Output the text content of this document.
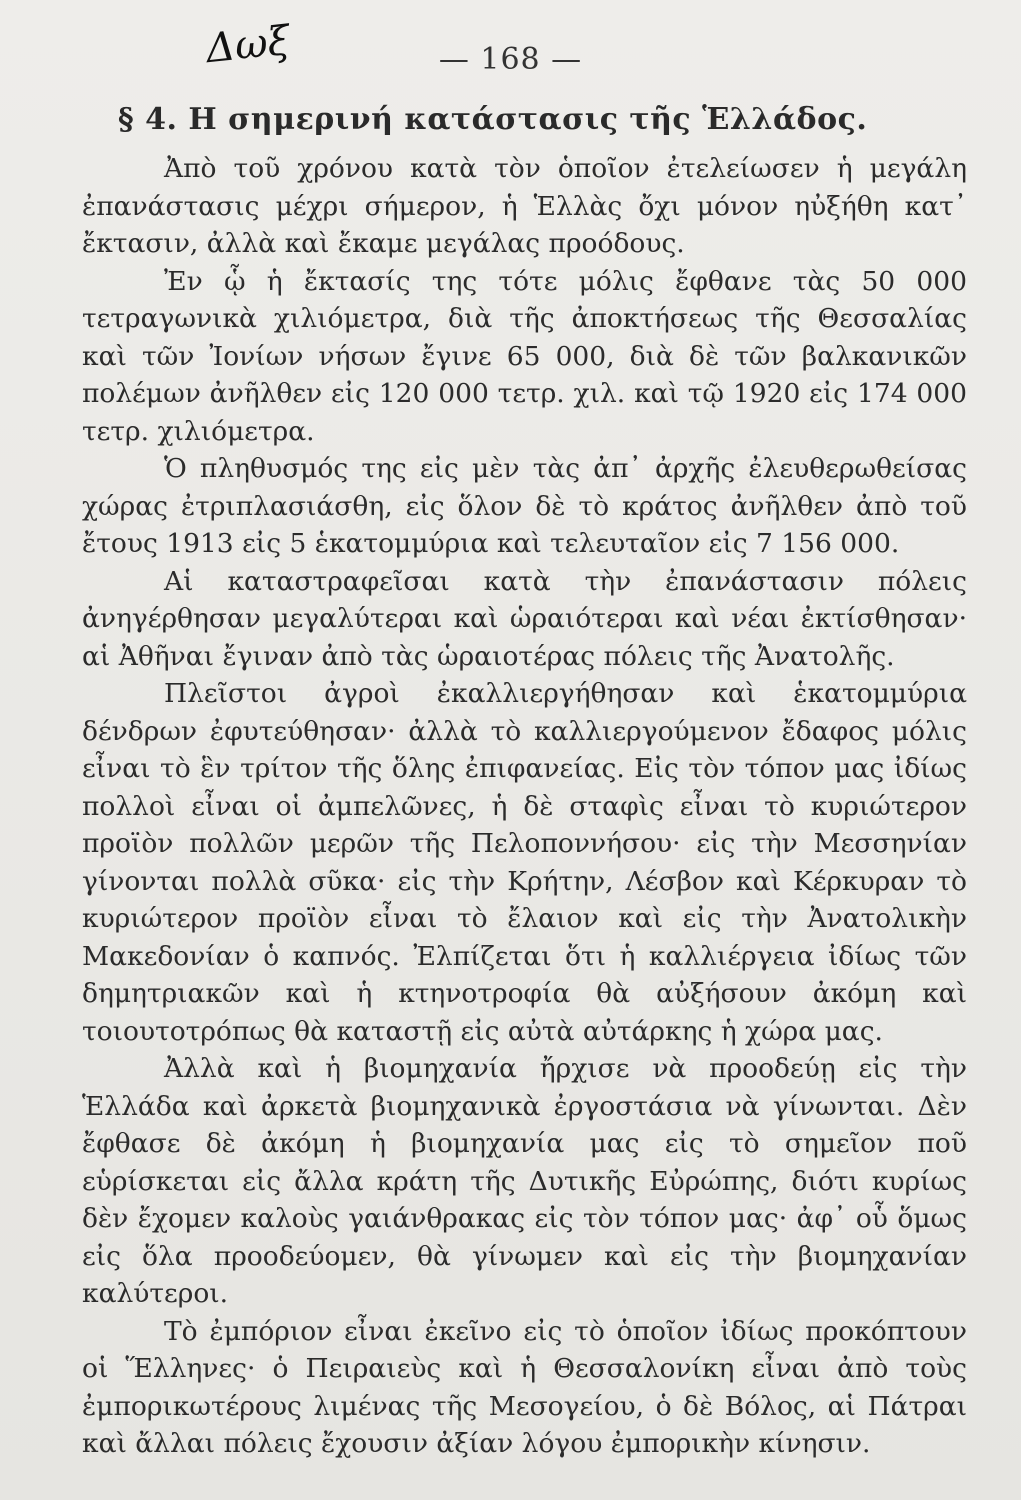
Δωξ	— 168 —
§ 4. Η σημερινή κατάστασις τῆς Ἑλλάδος.

Ἀπὸ τοῦ χρόνου κατὰ τὸν ὁποῖον ἐτελείωσεν ἡ μεγάλη ἐπανάστασις μέχρι σήμερον, ἡ Ἑλλὰς ὄχι μόνον ηὐξήθη κατ᾽ ἔκτασιν, ἀλλὰ καὶ ἔκαμε μεγάλας προόδους.

Ἐν ᾧ ἡ ἔκτασίς της τότε μόλις ἔφθανε τὰς 50 000 τετραγωνικὰ χιλιόμετρα, διὰ τῆς ἀποκτήσεως τῆς Θεσσαλίας καὶ τῶν Ἰονίων νήσων ἔγινε 65 000, διὰ δὲ τῶν βαλκανικῶν πολέμων ἀνῆλθεν εἰς 120 000 τετρ. χιλ. καὶ τῷ 1920 εἰς 174 000 τετρ. χιλιόμετρα.

Ὁ πληθυσμός της εἰς μὲν τὰς ἀπ᾽ ἀρχῆς ἐλευθερωθείσας χώρας ἐτριπλασιάσθη, εἰς ὅλον δὲ τὸ κράτος ἀνῆλθεν ἀπὸ τοῦ ἔτους 1913 εἰς 5 ἑκατομμύρια καὶ τελευταῖον εἰς 7 156 000.

Αἱ καταστραφεῖσαι κατὰ τὴν ἐπανάστασιν πόλεις ἀνηγέρθησαν μεγαλύτεραι καὶ ὡραιότεραι καὶ νέαι ἐκτίσθησαν· αἱ Ἀθῆναι ἔγιναν ἀπὸ τὰς ὡραιοτέρας πόλεις τῆς Ἀνατολῆς.

Πλεῖστοι ἀγροὶ ἐκαλλιεργήθησαν καὶ ἑκατομμύρια δένδρων ἐφυτεύθησαν· ἀλλὰ τὸ καλλιεργούμενον ἔδαφος μόλις εἶναι τὸ ἓν τρίτον τῆς ὅλης ἐπιφανείας. Εἰς τὸν τόπον μας ἰδίως πολλοὶ εἶναι οἱ ἀμπελῶνες, ἡ δὲ σταφὶς εἶναι τὸ κυριώτερον προϊὸν πολλῶν μερῶν τῆς Πελοποννήσου· εἰς τὴν Μεσσηνίαν γίνονται πολλὰ σῦκα· εἰς τὴν Κρήτην, Λέσβον καὶ Κέρκυραν τὸ κυριώτερον προϊὸν εἶναι τὸ ἔλαιον καὶ εἰς τὴν Ἀνατολικὴν Μακεδονίαν ὁ καπνός. Ἐλπίζεται ὅτι ἡ καλλιέργεια ἰδίως τῶν δημητριακῶν καὶ ἡ κτηνοτροφία θὰ αὐξήσουν ἀκόμη καὶ τοιουτοτρόπως θὰ καταστῇ εἰς αὐτὰ αὐτάρκης ἡ χώρα μας.

Ἀλλὰ καὶ ἡ βιομηχανία ἤρχισε νὰ προοδεύῃ εἰς τὴν Ἑλλάδα καὶ ἀρκετὰ βιομηχανικὰ ἐργοστάσια νὰ γίνωνται. Δὲν ἔφθασε δὲ ἀκόμη ἡ βιομηχανία μας εἰς τὸ σημεῖον ποῦ εὑρίσκεται εἰς ἄλλα κράτη τῆς Δυτικῆς Εὐρώπης, διότι κυρίως δὲν ἔχομεν καλοὺς γαιάνθρακας εἰς τὸν τόπον μας· ἀφ᾽ οὗ ὅμως εἰς ὅλα προοδεύομεν, θὰ γίνωμεν καὶ εἰς τὴν βιομηχανίαν καλύτεροι.

Τὸ ἐμπόριον εἶναι ἐκεῖνο εἰς τὸ ὁποῖον ἰδίως προκόπτουν οἱ Ἕλληνες· ὁ Πειραιεὺς καὶ ἡ Θεσσαλονίκη εἶναι ἀπὸ τοὺς ἐμπορικωτέρους λιμένας τῆς Μεσογείου, ὁ δὲ Βόλος, αἱ Πάτραι καὶ ἄλλαι πόλεις ἔχουσιν ἀξίαν λόγου ἐμπορικὴν κίνησιν.
